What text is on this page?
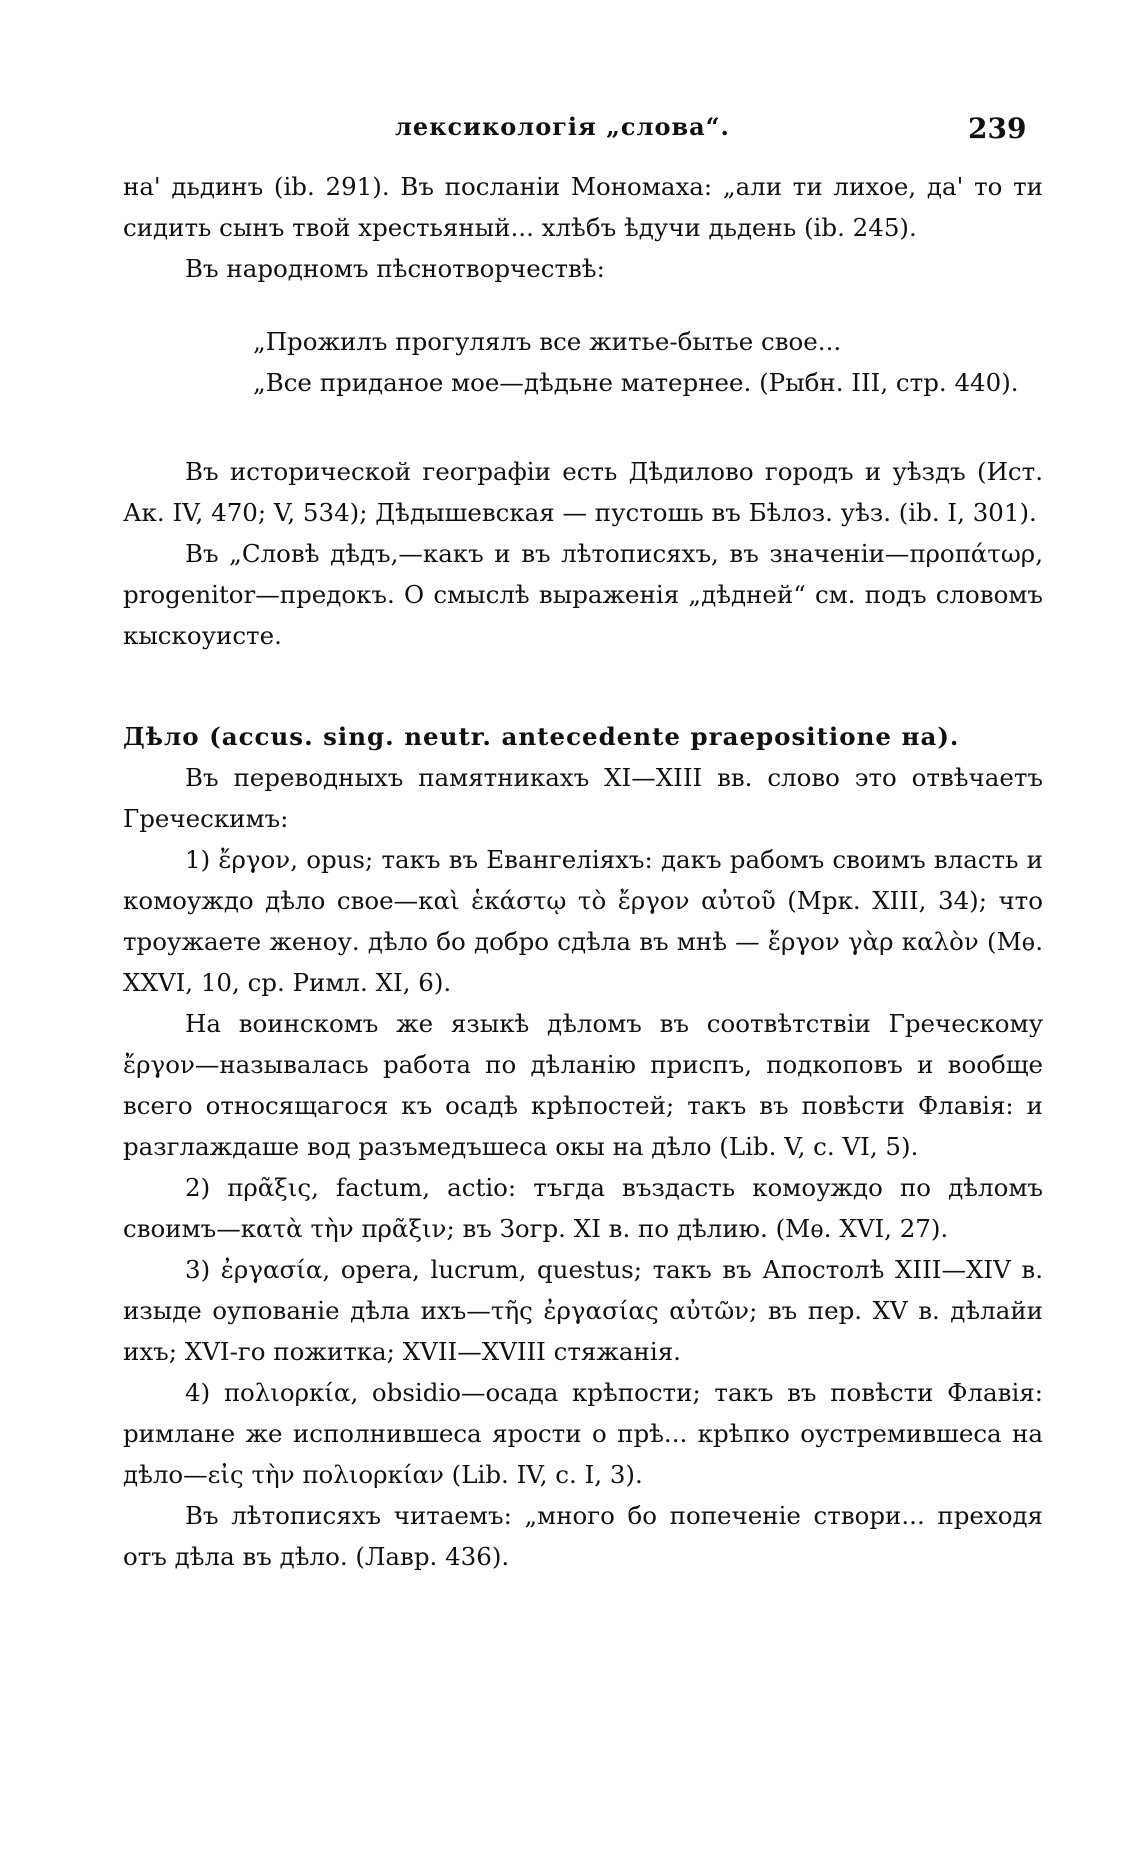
лексикологія „слова“.	239

на' дьдинъ (ib. 291). Въ посланіи Мономаха: „али ти лихое, да' то ти сидить сынъ твой хрестьяный... хлѣбъ ѣдучи дьдень (ib. 245).

Въ народномъ пѣснотворчествѣ:

„Прожилъ прогулялъ все житье-бытье свое...

„Все приданое мое—дѣдьне матернее. (Рыбн. III, стр. 440).

Въ исторической географіи есть Дѣдилово городъ и уѣздъ (Ист. Ак. IV, 470; V, 534); Дѣдышевская — пустошь въ Бѣлоз. уѣз. (ib. I, 301).

Въ „Словѣ дѣдъ,—какъ и въ лѣтописяхъ, въ значеніи—προπάτωρ, progenitor—предокъ. О смыслѣ выраженія „дѣдней“ см. подъ словомъ кыскоуисте.

Дѣло (accus. sing. neutr. antecedente praepositione на).

Въ переводныхъ памятникахъ XI—XIII вв. слово это отвѣчаетъ Греческимъ:

1) ἔργον, opus; такъ въ Евангеліяхъ: дакъ рабомъ своимъ власть и комоуждо дѣло свое—καὶ ἑκάστῳ τὸ ἔργον αὐτοῦ (Мрк. XIII, 34); что троужаете женоу. дѣло бо добро сдѣла въ мнѣ — ἔργον γὰρ καλὸν (Мѳ. XXVI, 10, ср. Римл. XI, 6).

На воинскомъ же языкѣ дѣломъ въ соотвѣтствіи Греческому ἔργον—называлась работа по дѣланію приспъ, подкоповъ и вообще всего относящагося къ осадѣ крѣпостей; такъ въ повѣсти Флавія: и разглаждаше вод разъмедъшеса окы на дѣло (Lib. V, c. VI, 5).

2) πρᾶξις, factum, actio: тъгда въздасть комоуждо по дѣломъ своимъ—κατὰ τὴν πρᾶξιν; въ Зогр. XI в. по дѣлию. (Мѳ. XVI, 27).

3) ἐργασία, opera, lucrum, questus; такъ въ Апостолѣ XIII—XIV в. изыде оупованіе дѣла ихъ—τῆς ἐργασίας αὐτῶν; въ пер. XV в. дѣлайи ихъ; XVI-го пожитка; XVII—XVIII стяжанія.

4) πολιορκία, obsidio—осада крѣпости; такъ въ повѣсти Флавія: римлане же исполнившеса ярости о прѣ... крѣпко оустремившеса на дѣло—εἰς τὴν πολιορκίαν (Lib. IV, c. I, 3).

Въ лѣтописяхъ читаемъ: „много бо попеченіе створи... преходя отъ дѣла въ дѣло. (Лавр. 436).
